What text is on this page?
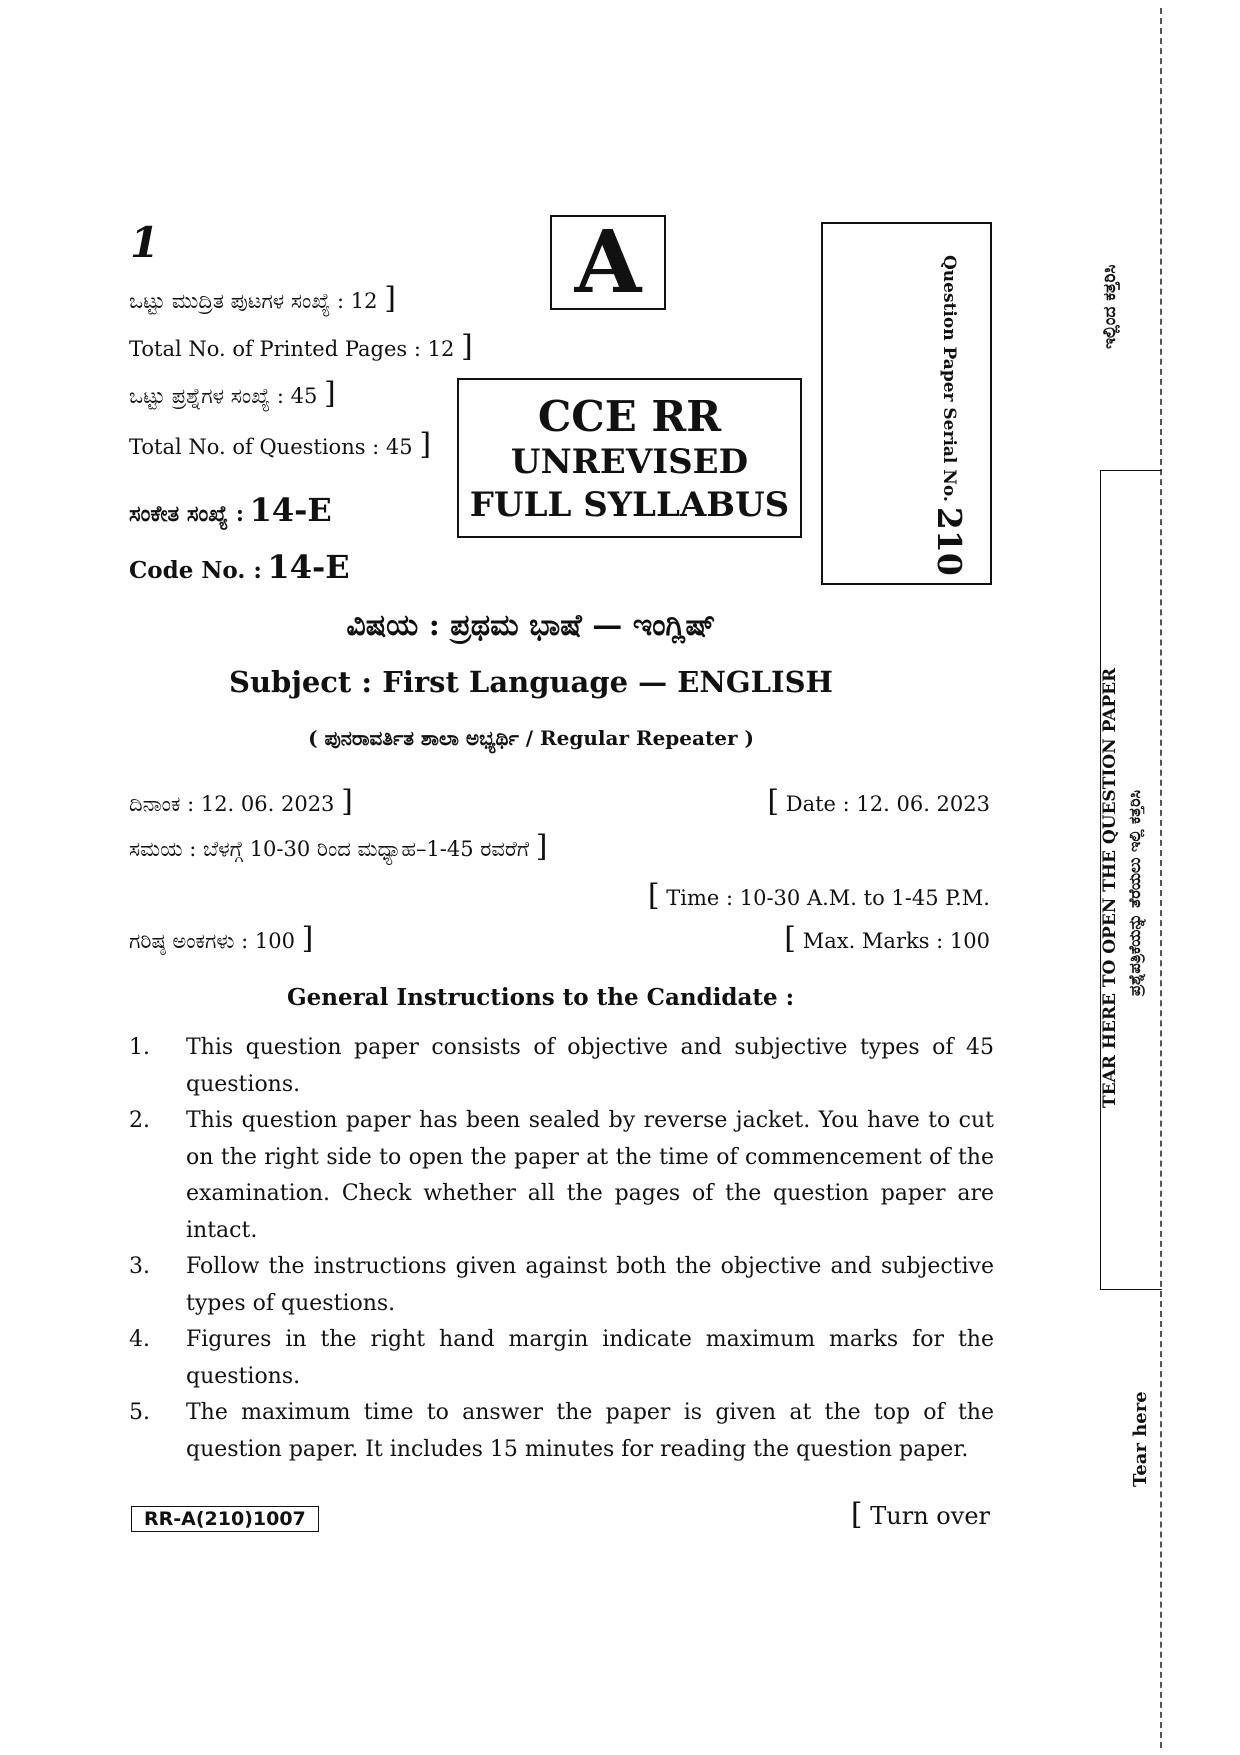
1	A
CCE RR
UNREVISED
FULL SYLLABUS
Question Paper Serial No. 210
ಒಟ್ಟು ಮುದ್ರಿತ ಪುಟಗಳ ಸಂಖ್ಯೆ : 12 ]
Total No. of Printed Pages : 12 ]
ಒಟ್ಟು ಪ್ರಶ್ನೆಗಳ ಸಂಖ್ಯೆ : 45 ]
Total No. of Questions : 45 ]
ಸಂಕೇತ ಸಂಖ್ಯೆ : 14-E
Code No. : 14-E
ವಿಷಯ : ಪ್ರಥಮ ಭಾಷೆ — ಇಂಗ್ಲಿಷ್
Subject : First Language — ENGLISH
( ಪುನರಾವರ್ತಿತ ಶಾಲಾ ಅಭ್ಯರ್ಥಿ / Regular Repeater )
ದಿನಾಂಕ : 12. 06. 2023 ]	[ Date : 12. 06. 2023
ಸಮಯ : ಬೆಳಗ್ಗೆ 10-30 ರಿಂದ ಮಧ್ಯಾಹ–1-45 ರವರೆಗೆ ]
[ Time : 10-30 A.M. to 1-45 P.M.
ಗರಿಷ್ಠ ಅಂಕಗಳು : 100 ]	[ Max. Marks : 100
General Instructions to the Candidate :
1.	This question paper consists of objective and subjective types of 45 questions.
2.	This question paper has been sealed by reverse jacket. You have to cut on the right side to open the paper at the time of commencement of the examination. Check whether all the pages of the question paper are intact.
3.	Follow the instructions given against both the objective and subjective types of questions.
4.	Figures in the right hand margin indicate maximum marks for the questions.
5.	The maximum time to answer the paper is given at the top of the question paper. It includes 15 minutes for reading the question paper.
RR-A(210)1007	[ Turn over
ಇಲ್ಲಿಂದ ಕತ್ತರಿಸಿ
TEAR HERE TO OPEN THE QUESTION PAPER ಪ್ರಶ್ನೆಪತ್ರಿಕೆಯನ್ನು ತೆರೆಯಲು ಇಲ್ಲಿ ಕತ್ತರಿಸಿ
Tear here
